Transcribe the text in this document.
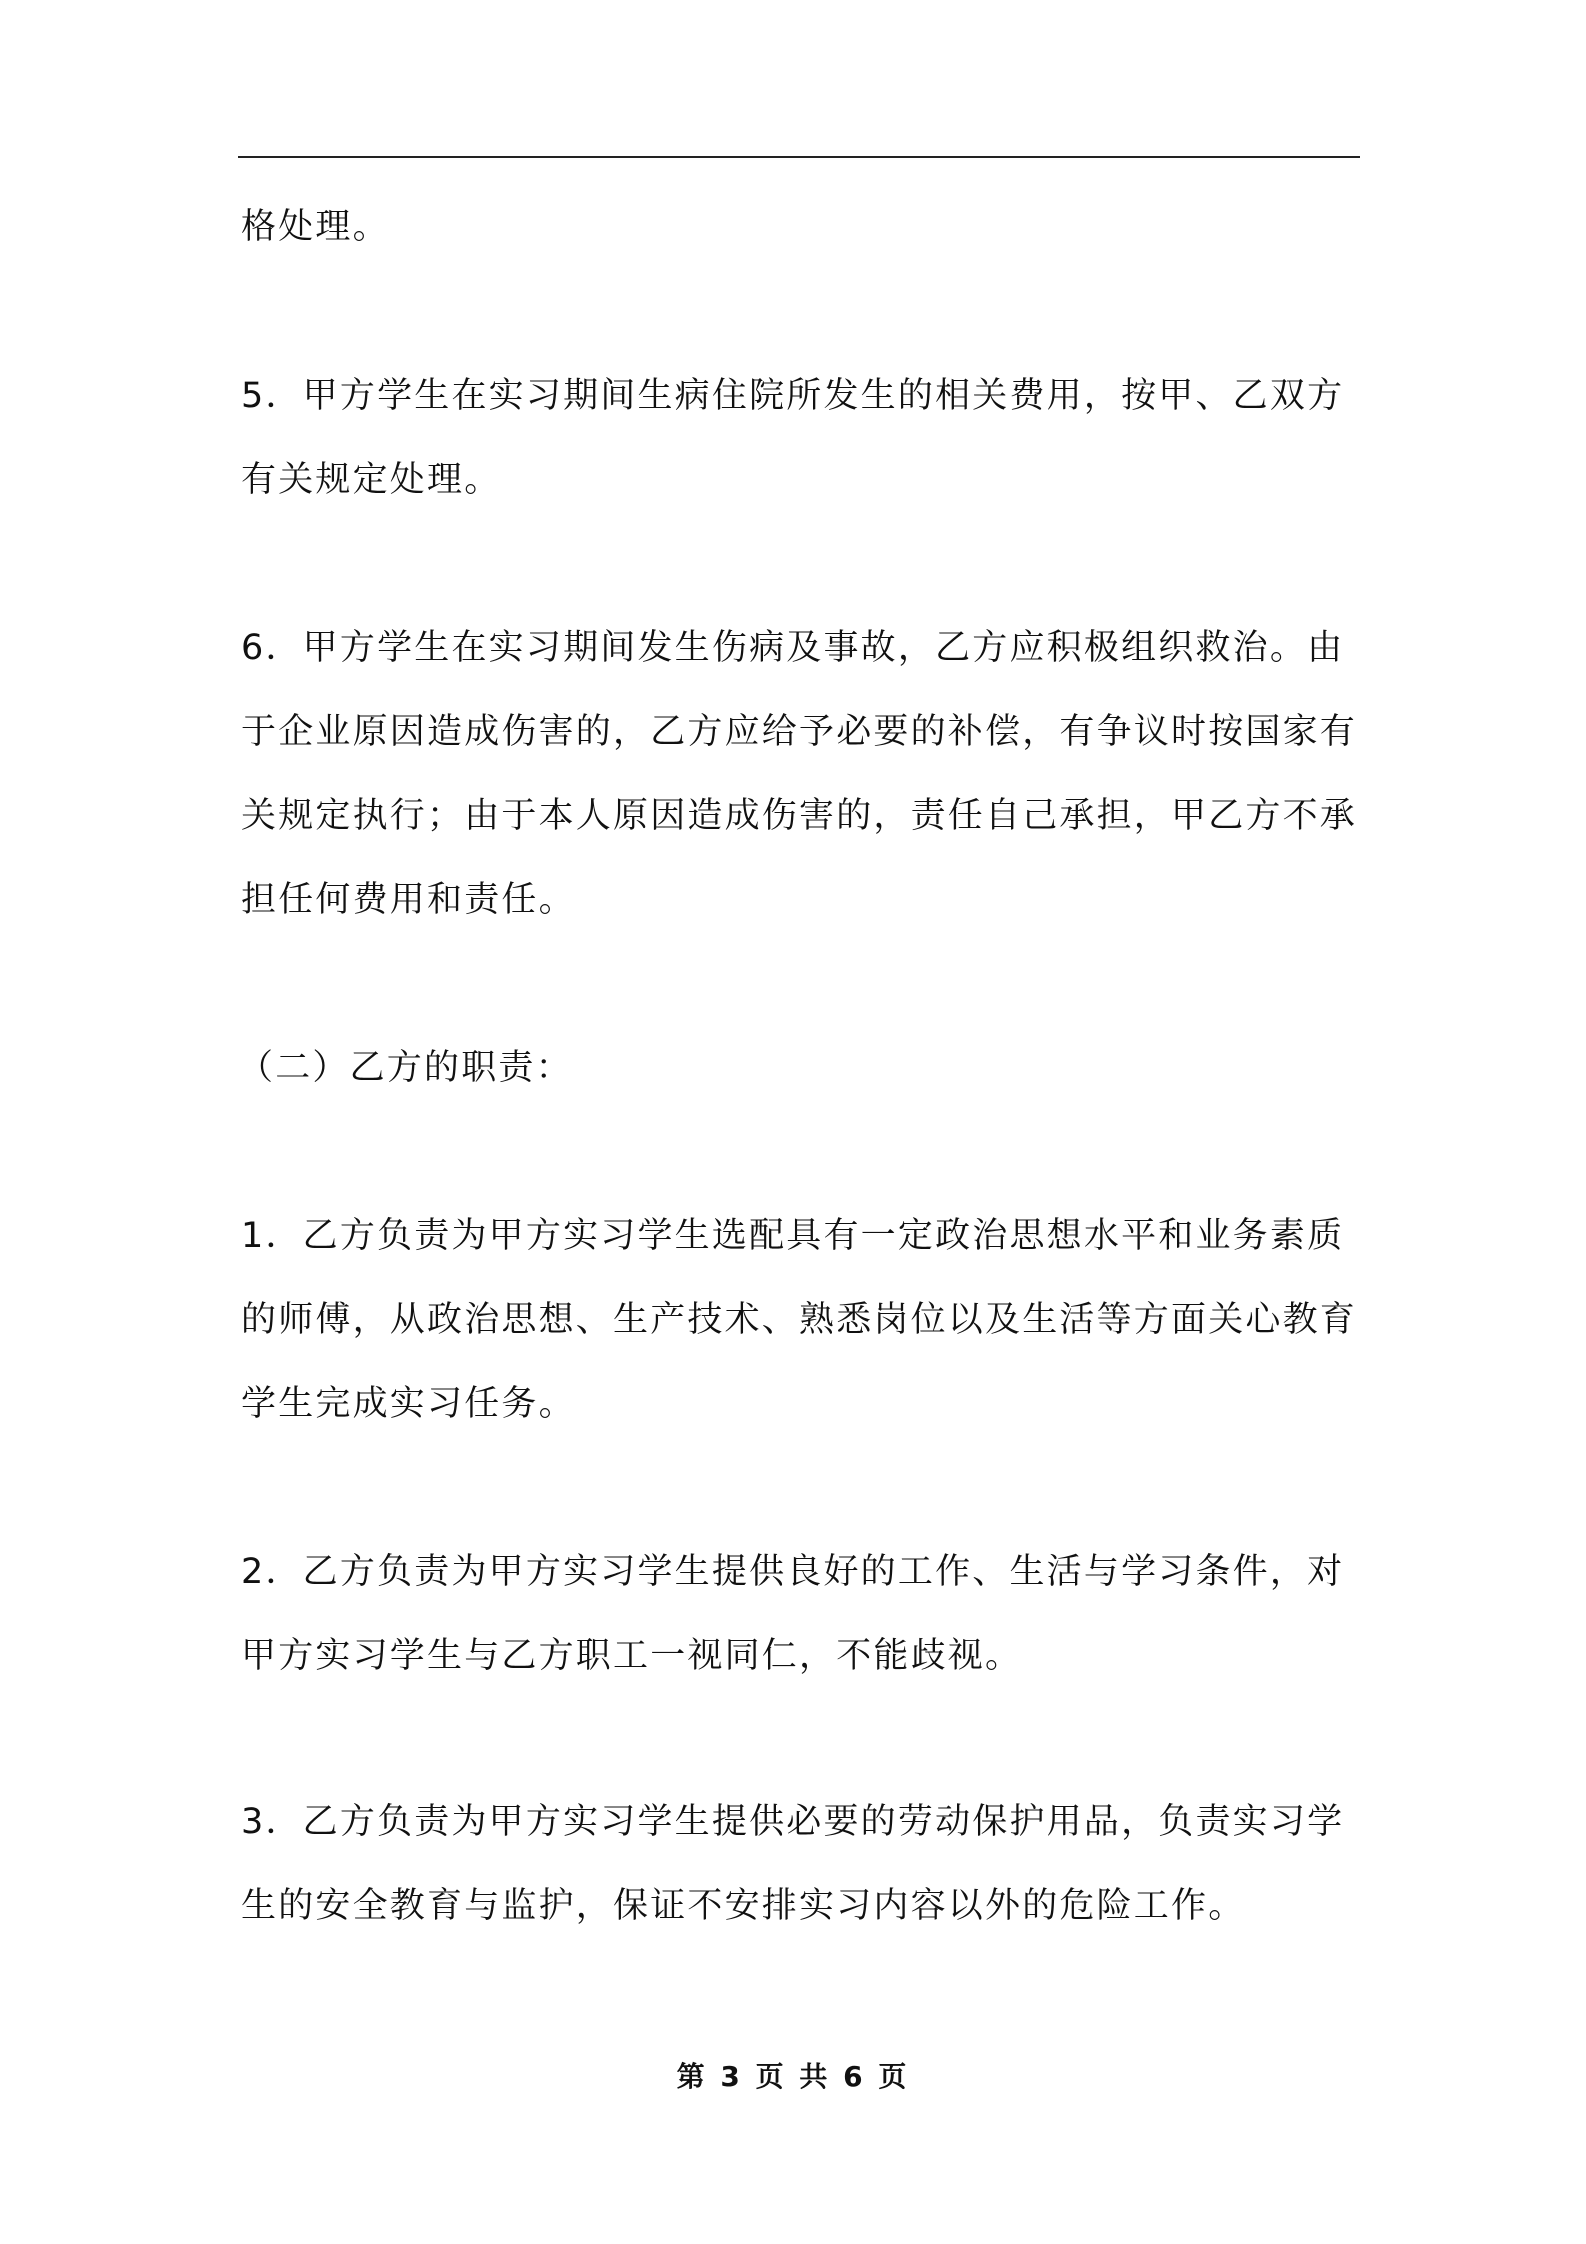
格处理。
5．甲方学生在实习期间生病住院所发生的相关费用，按甲、乙双方
有关规定处理。
6．甲方学生在实习期间发生伤病及事故，乙方应积极组织救治。由
于企业原因造成伤害的，乙方应给予必要的补偿，有争议时按国家有
关规定执行；由于本人原因造成伤害的，责任自己承担，甲乙方不承
担任何费用和责任。
（二）乙方的职责：
1．乙方负责为甲方实习学生选配具有一定政治思想水平和业务素质
的师傅，从政治思想、生产技术、熟悉岗位以及生活等方面关心教育
学生完成实习任务。
2．乙方负责为甲方实习学生提供良好的工作、生活与学习条件，对
甲方实习学生与乙方职工一视同仁，不能歧视。
3．乙方负责为甲方实习学生提供必要的劳动保护用品，负责实习学
生的安全教育与监护，保证不安排实习内容以外的危险工作。
第 3 页 共 6 页
